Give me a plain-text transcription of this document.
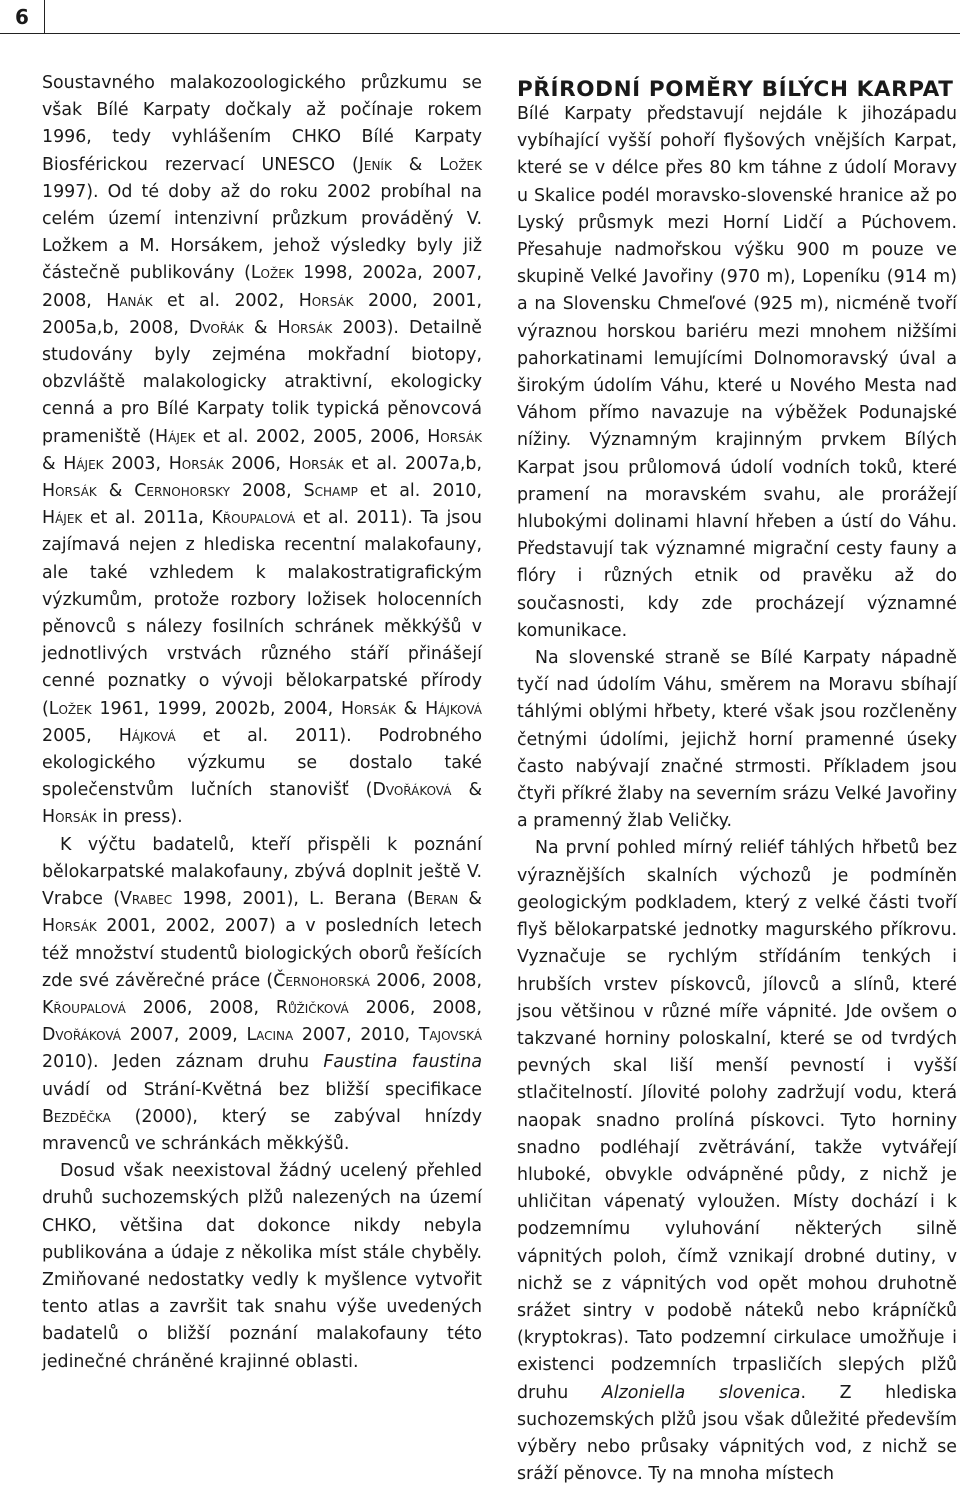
6

Soustavného malakozoologického průzkumu se však Bílé Karpaty dočkaly až počínaje rokem 1996, tedy vyhlášením CHKO Bílé Karpaty Biosférickou rezervací UNESCO (Jeník & Ložek 1997). Od té doby až do roku 2002 probíhal na celém území intenzivní průzkum prováděný V. Ložkem a M. Horsákem, jehož výsledky byly již částečně publikovány (Ložek 1998, 2002a, 2007, 2008, Hanák et al. 2002, Horsák 2000, 2001, 2005a,b, 2008, Dvořák & Horsák 2003). Detailně studovány byly zejména mokřadní biotopy, obzvláště malakologicky atraktivní, ekologicky cenná a pro Bílé Karpaty tolik typická pěnovcová prameniště (Hájek et al. 2002, 2005, 2006, Horsák & Hájek 2003, Horsák 2006, Horsák et al. 2007a,b, Horsák & Cernohorsky 2008, Schamp et al. 2010, Hájek et al. 2011a, Křoupalová et al. 2011). Ta jsou zajímavá nejen z hlediska recentní malakofauny, ale také vzhledem k malakostratigrafickým výzkumům, protože rozbory ložisek holocenních pěnovců s nálezy fosilních schránek měkkýšů v jednotlivých vrstvách různého stáří přinášejí cenné poznatky o vývoji bělokarpatské přírody (Ložek 1961, 1999, 2002b, 2004, Horsák & Hájková 2005, Hájková et al. 2011). Podrobného ekologického výzkumu se dostalo také společenstvům lučních stanovišť (Dvořáková & Horsák in press).

K výčtu badatelů, kteří přispěli k poznání bělokarpatské malakofauny, zbývá doplnit ještě V. Vrabce (Vrabec 1998, 2001), L. Berana (Beran & Horsák 2001, 2002, 2007) a v posledních letech též množství studentů biologických oborů řešících zde své závěrečné práce (Černohorská 2006, 2008, Křoupalová 2006, 2008, Růžičková 2006, 2008, Dvořáková 2007, 2009, Lacina 2007, 2010, Tajovská 2010). Jeden záznam druhu Faustina faustina uvádí od Strání-Květná bez bližší specifikace Bezděčka (2000), který se zabýval hnízdy mravenců ve schránkách měkkýšů.

Dosud však neexistoval žádný ucelený přehled druhů suchozemských plžů nalezených na území CHKO, většina dat dokonce nikdy nebyla publikována a údaje z několika míst stále chyběly. Zmiňované nedostatky vedly k myšlence vytvořit tento atlas a završit tak snahu výše uvedených badatelů o bližší poznání malakofauny této jedinečné chráněné krajinné oblasti.

PŘÍRODNÍ POMĚRY BÍLÝCH KARPAT

Bílé Karpaty představují nejdále k jihozápadu vybíhající vyšší pohoří flyšových vnějších Karpat, které se v délce přes 80 km táhne z údolí Moravy u Skalice podél moravsko-slovenské hranice až po Lyský průsmyk mezi Horní Lidčí a Púchovem. Přesahuje nadmořskou výšku 900 m pouze ve skupině Velké Javořiny (970 m), Lopeníku (914 m) a na Slovensku Chmeľové (925 m), nicméně tvoří výraznou horskou bariéru mezi mnohem nižšími pahorkatinami lemujícími Dolnomoravský úval a širokým údolím Váhu, které u Nového Mesta nad Váhom přímo navazuje na výběžek Podunajské nížiny. Významným krajinným prvkem Bílých Karpat jsou průlomová údolí vodních toků, které pramení na moravském svahu, ale prorážejí hlubokými dolinami hlavní hřeben a ústí do Váhu. Představují tak významné migrační cesty fauny a flóry i různých etnik od pravěku až do současnosti, kdy zde procházejí významné komunikace.

Na slovenské straně se Bílé Karpaty nápadně tyčí nad údolím Váhu, směrem na Moravu sbíhají táhlými oblými hřbety, které však jsou rozčleněny četnými údolími, jejichž horní pramenné úseky často nabývají značné strmosti. Příkladem jsou čtyři příkré žlaby na severním srázu Velké Javořiny a pramenný žlab Veličky.

Na první pohled mírný reliéf táhlých hřbetů bez výraznějších skalních výchozů je podmíněn geologickým podkladem, který z velké části tvoří flyš bělokarpatské jednotky magurského příkrovu. Vyznačuje se rychlým střídáním tenkých i hrubších vrstev pískovců, jílovců a slínů, které jsou většinou v různé míře vápnité. Jde ovšem o takzvané horniny poloskalní, které se od tvrdých pevných skal liší menší pevností i vyšší stlačitelností. Jílovité polohy zadržují vodu, která naopak snadno prolíná pískovci. Tyto horniny snadno podléhají zvětrávání, takže vytvářejí hluboké, obvykle odvápněné půdy, z nichž je uhličitan vápenatý vyloužen. Místy dochází i k podzemnímu vyluhování některých silně vápnitých poloh, čímž vznikají drobné dutiny, v nichž se z vápnitých vod opět mohou druhotně srážet sintry v podobě náteků nebo krápníčků (kryptokras). Tato podzemní cirkulace umožňuje i existenci podzemních trpasličích slepých plžů druhu Alzoniella slovenica. Z hlediska suchozemských plžů jsou však důležité především výběry nebo průsaky vápnitých vod, z nichž se sráží pěnovce. Ty na mnoha místech
